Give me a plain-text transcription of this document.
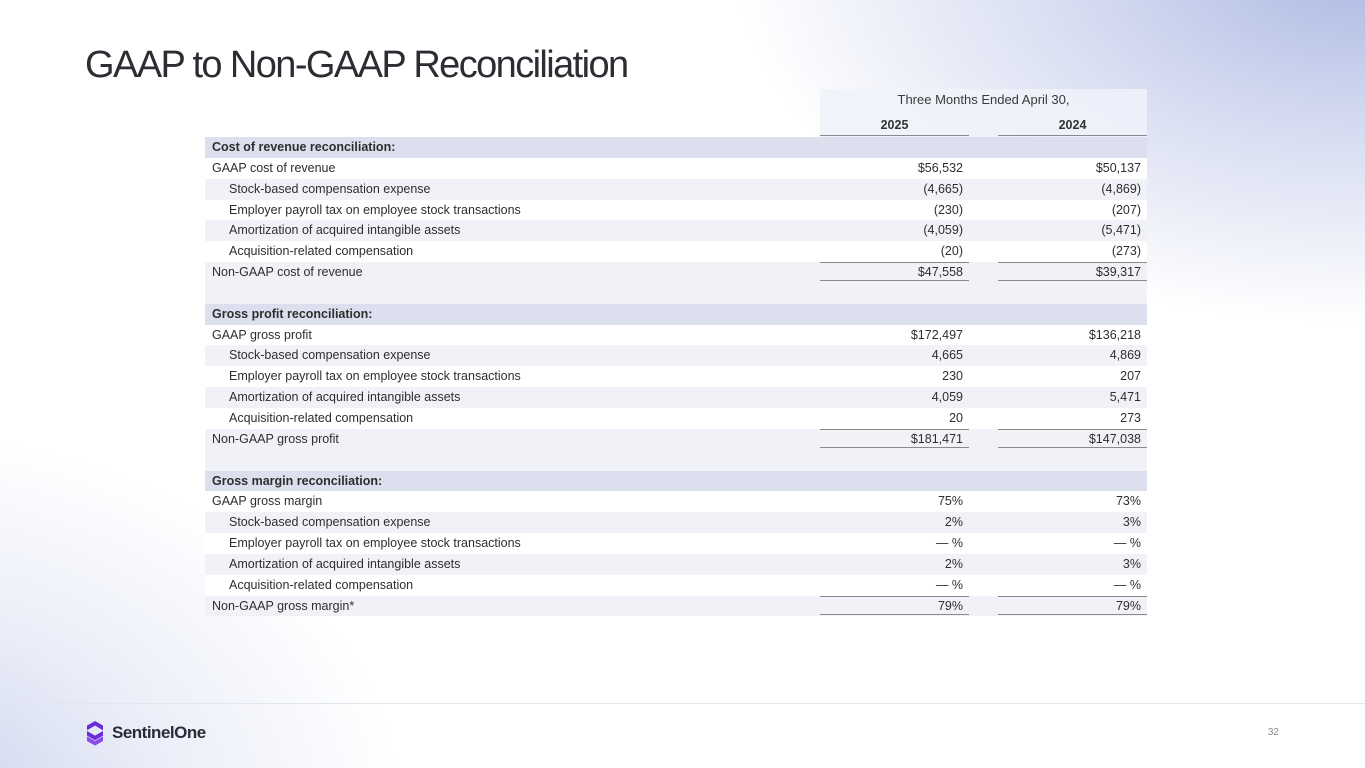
GAAP to Non-GAAP Reconciliation
Three Months Ended April 30,
2025	2024
Cost of revenue reconciliation:
GAAP cost of revenue	$56,532	$50,137
Stock-based compensation expense	(4,665)	(4,869)
Employer payroll tax on employee stock transactions	(230)	(207)
Amortization of acquired intangible assets	(4,059)	(5,471)
Acquisition-related compensation	(20)	(273)
Non-GAAP cost of revenue	$47,558	$39,317
Gross profit reconciliation:
GAAP gross profit	$172,497	$136,218
Stock-based compensation expense	4,665	4,869
Employer payroll tax on employee stock transactions	230	207
Amortization of acquired intangible assets	4,059	5,471
Acquisition-related compensation	20	273
Non-GAAP gross profit	$181,471	$147,038
Gross margin reconciliation:
GAAP gross margin	75%	73%
Stock-based compensation expense	2%	3%
Employer payroll tax on employee stock transactions	— %	— %
Amortization of acquired intangible assets	2%	3%
Acquisition-related compensation	— %	— %
Non-GAAP gross margin*	79%	79%
SentinelOne	32
